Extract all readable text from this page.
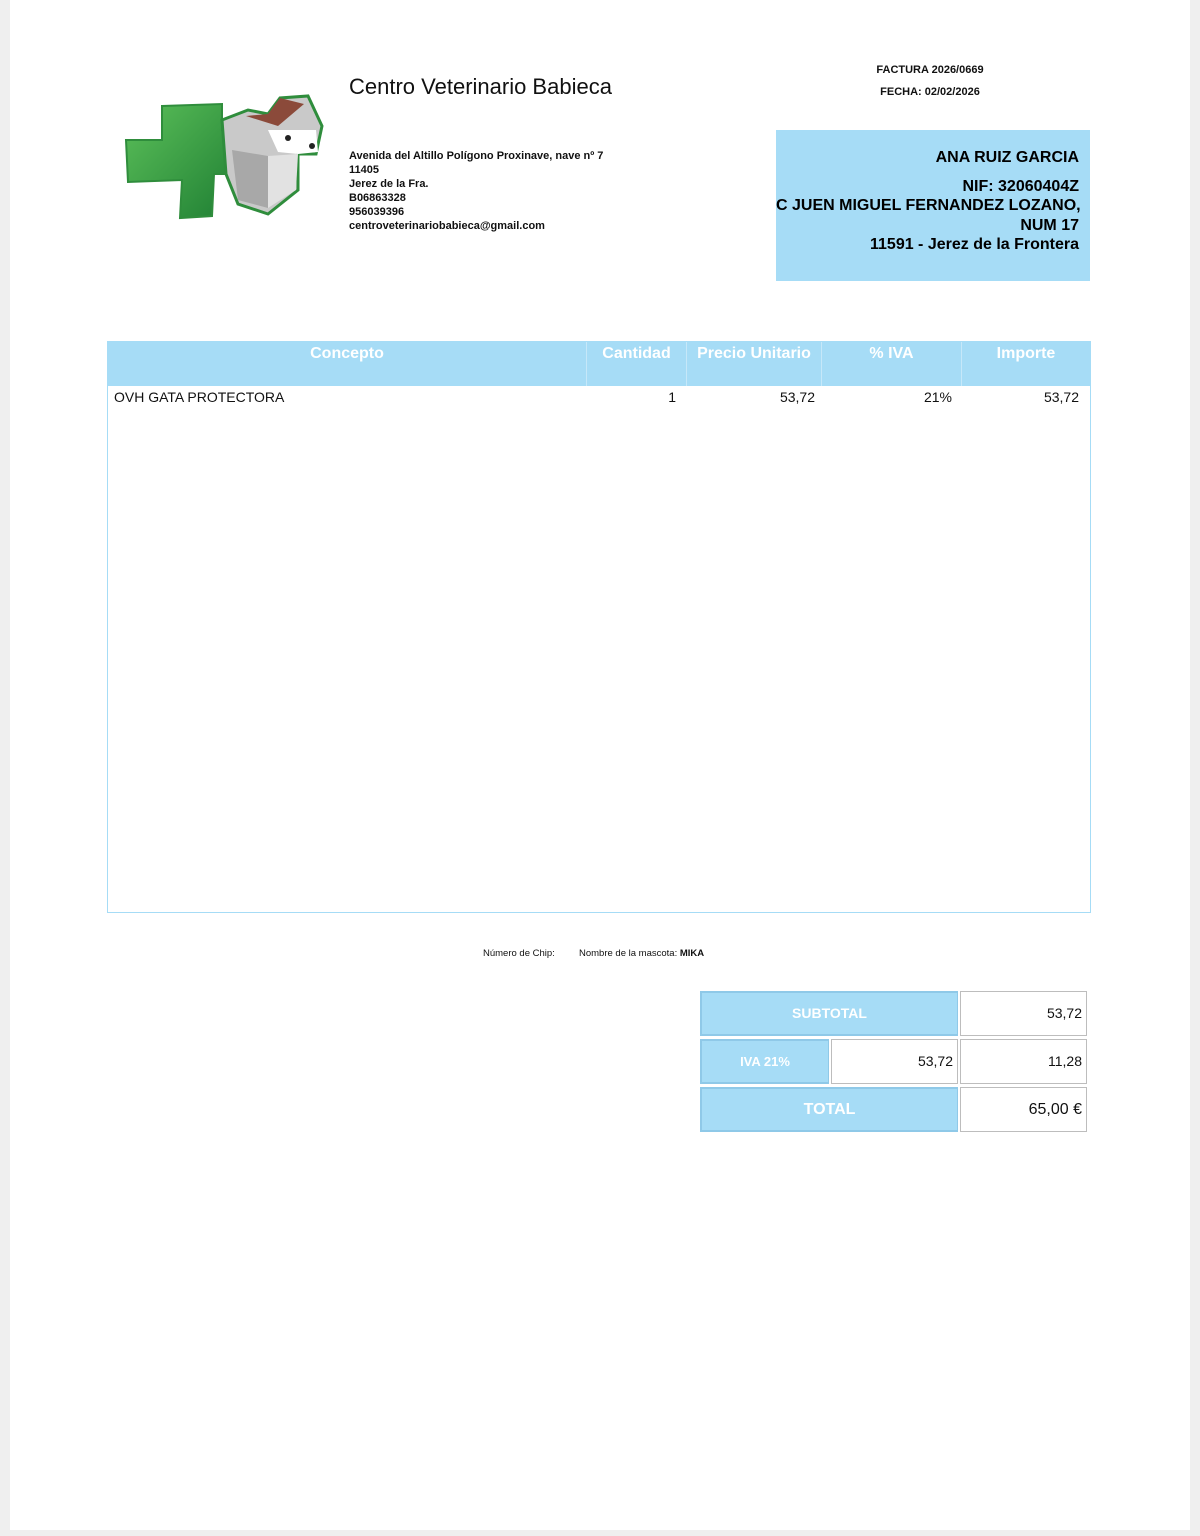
Centro Veterinario Babieca
Avenida del Altillo Polígono Proxinave, nave nº 7
11405
Jerez de la Fra.
B06863328
956039396
centroveterinariobabieca@gmail.com
FACTURA 2026/0669
FECHA: 02/02/2026
ANA RUIZ GARCIA
NIF: 32060404Z
C JUEN MIGUEL FERNANDEZ LOZANO,
NUM 17
11591 - Jerez de la Frontera
Concepto	Cantidad	Precio Unitario	% IVA	Importe
OVH GATA PROTECTORA	1	53,72	21%	53,72
Número de Chip:	Nombre de la mascota: MIKA
SUBTOTAL	53,72
IVA 21%	53,72	11,28
TOTAL	65,00 €
